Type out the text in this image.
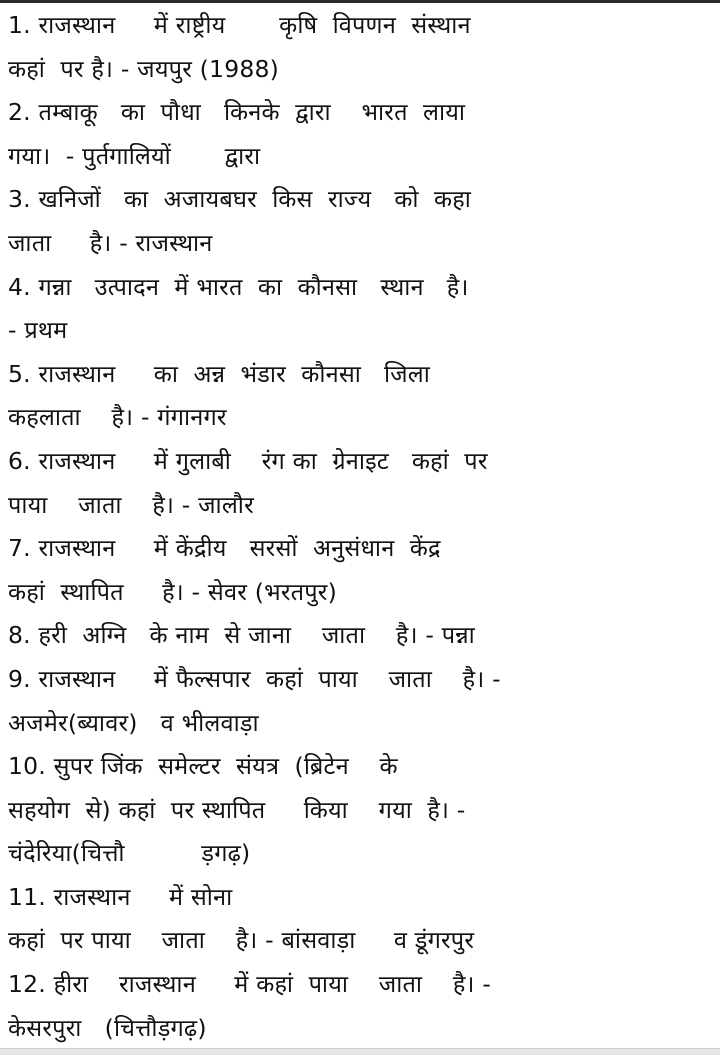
1. राजस्थान     में राष्ट्रीय       कृषि  विपणन  संस्थान
कहां  पर है। - जयपुर (1988)
2. तम्बाकू   का  पौधा   किनके  द्वारा    भारत  लाया
गया।  - पुर्तगालियों       द्वारा
3. खनिजों   का  अजायबघर  किस  राज्य   को  कहा
जाता     है। - राजस्थान
4. गन्ना   उत्पादन  में भारत  का  कौनसा   स्थान   है।
- प्रथम
5. राजस्थान     का  अन्न  भंडार  कौनसा   जिला
कहलाता    है। - गंगानगर
6. राजस्थान     में गुलाबी    रंग का  ग्रेनाइट   कहां  पर
पाया    जाता    है। - जालौर
7. राजस्थान     में केंद्रीय   सरसों  अनुसंधान  केंद्र
कहां  स्थापित     है। - सेवर (भरतपुर)
8. हरी  अग्नि   के नाम  से जाना    जाता    है। - पन्ना
9. राजस्थान     में फैल्सपार  कहां  पाया    जाता    है। -
अजमेर(ब्यावर)   व भीलवाड़ा
10. सुपर जिंक  समेल्टर  संयत्र  (ब्रिटेन    के
सहयोग  से) कहां  पर स्थापित     किया    गया  है। -
चंदेरिया(चित्तौ          ड़गढ़)
11. राजस्थान     में सोना
कहां  पर पाया    जाता    है। - बांसवाड़ा     व डूंगरपुर
12. हीरा    राजस्थान     में कहां  पाया    जाता    है। -
केसरपुरा   (चित्तौड़गढ़)
